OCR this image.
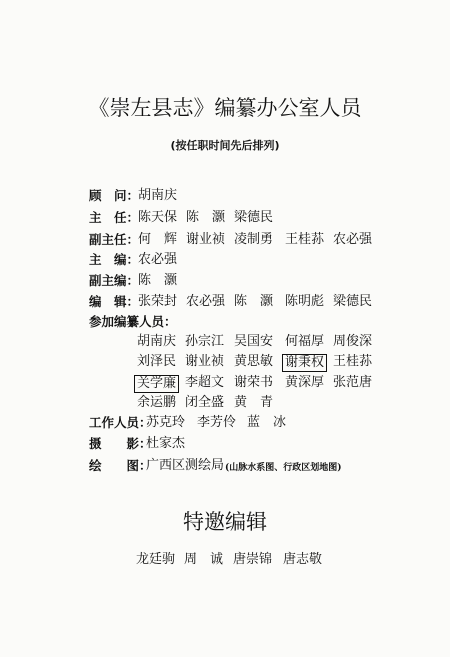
《崇左县志》编纂办公室人员
(按任职时间先后排列)
顾　问：
胡南庆
主　任：
陈天保 陈　灏 梁德民
副主任：
何　辉 谢业祯 凌制勇 王桂荪 农必强
主　编：
农必强
副主编：
陈　灏
编　辑：
张荣封 农必强 陈　灏 陈明彪 梁德民
参加编纂人员：
胡南庆 孙宗江 吴国安 何福厚 周俊深
刘泽民 谢业祯 黄思敏 谢秉权 王桂荪
关学廉 李超文 谢荣书 黄深厚 张范唐
余运鹏 闭全盛 黄　青
工作人员：
苏克玲 李芳伶 蓝　冰
摄　　影：
杜家杰
绘　　图：
广西区测绘局 (山脉水系图、行政区划地图)
特邀编辑
龙廷驹 周　诚 唐崇锦 唐志敬
